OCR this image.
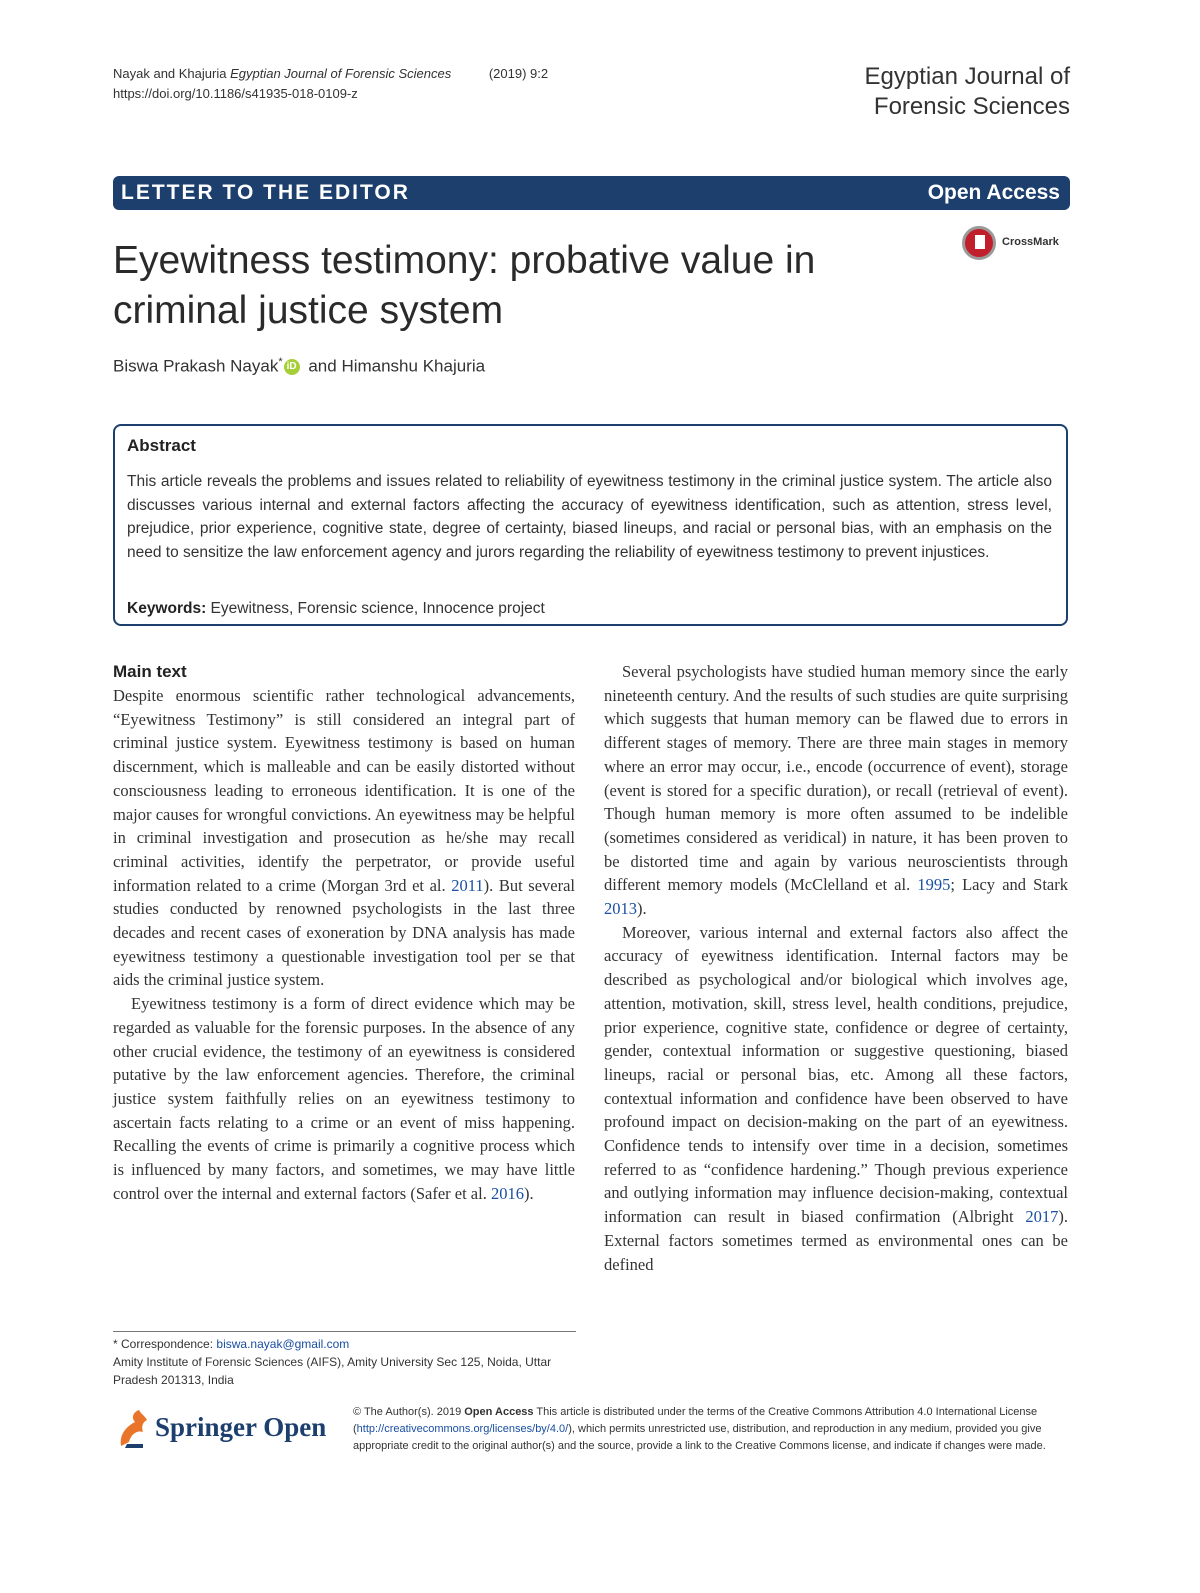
Nayak and Khajuria Egyptian Journal of Forensic Sciences	(2019) 9:2
https://doi.org/10.1186/s41935-018-0109-z
Egyptian Journal of
Forensic Sciences
LETTER TO THE EDITOR	Open Access
Eyewitness testimony: probative value in criminal justice system
CrossMark
Biswa Prakash Nayak* iD and Himanshu Khajuria
Abstract
This article reveals the problems and issues related to reliability of eyewitness testimony in the criminal justice system. The article also discusses various internal and external factors affecting the accuracy of eyewitness identification, such as attention, stress level, prejudice, prior experience, cognitive state, degree of certainty, biased lineups, and racial or personal bias, with an emphasis on the need to sensitize the law enforcement agency and jurors regarding the reliability of eyewitness testimony to prevent injustices.
Keywords: Eyewitness, Forensic science, Innocence project
Main text

Despite enormous scientific rather technological advancements, “Eyewitness Testimony” is still considered an integral part of criminal justice system. Eyewitness testimony is based on human discernment, which is malleable and can be easily distorted without consciousness leading to erroneous identification. It is one of the major causes for wrongful convictions. An eyewitness may be helpful in criminal investigation and prosecution as he/she may recall criminal activities, identify the perpetrator, or provide useful information related to a crime (Morgan 3rd et al. 2011). But several studies conducted by renowned psychologists in the last three decades and recent cases of exoneration by DNA analysis has made eyewitness testimony a questionable investigation tool per se that aids the criminal justice system.

Eyewitness testimony is a form of direct evidence which may be regarded as valuable for the forensic purposes. In the absence of any other crucial evidence, the testimony of an eyewitness is considered putative by the law enforcement agencies. Therefore, the criminal justice system faithfully relies on an eyewitness testimony to ascertain facts relating to a crime or an event of miss happening. Recalling the events of crime is primarily a cognitive process which is influenced by many factors, and sometimes, we may have little control over the internal and external factors (Safer et al. 2016).

Several psychologists have studied human memory since the early nineteenth century. And the results of such studies are quite surprising which suggests that human memory can be flawed due to errors in different stages of memory. There are three main stages in memory where an error may occur, i.e., encode (occurrence of event), storage (event is stored for a specific duration), or recall (retrieval of event). Though human memory is more often assumed to be indelible (sometimes considered as veridical) in nature, it has been proven to be distorted time and again by various neuroscientists through different memory models (McClelland et al. 1995; Lacy and Stark 2013).

Moreover, various internal and external factors also affect the accuracy of eyewitness identification. Internal factors may be described as psychological and/or biological which involves age, attention, motivation, skill, stress level, health conditions, prejudice, prior experience, cognitive state, confidence or degree of certainty, gender, contextual information or suggestive questioning, biased lineups, racial or personal bias, etc. Among all these factors, contextual information and confidence have been observed to have profound impact on decision-making on the part of an eyewitness. Confidence tends to intensify over time in a decision, sometimes referred to as “confidence hardening.” Though previous experience and outlying information may influence decision-making, contextual information can result in biased confirmation (Albright 2017). External factors sometimes termed as environmental ones can be defined

* Correspondence: biswa.nayak@gmail.com
Amity Institute of Forensic Sciences (AIFS), Amity University Sec 125, Noida, Uttar Pradesh 201313, India
Springer Open © The Author(s). 2019 Open Access This article is distributed under the terms of the Creative Commons Attribution 4.0 International License (http://creativecommons.org/licenses/by/4.0/), which permits unrestricted use, distribution, and reproduction in any medium, provided you give appropriate credit to the original author(s) and the source, provide a link to the Creative Commons license, and indicate if changes were made.
